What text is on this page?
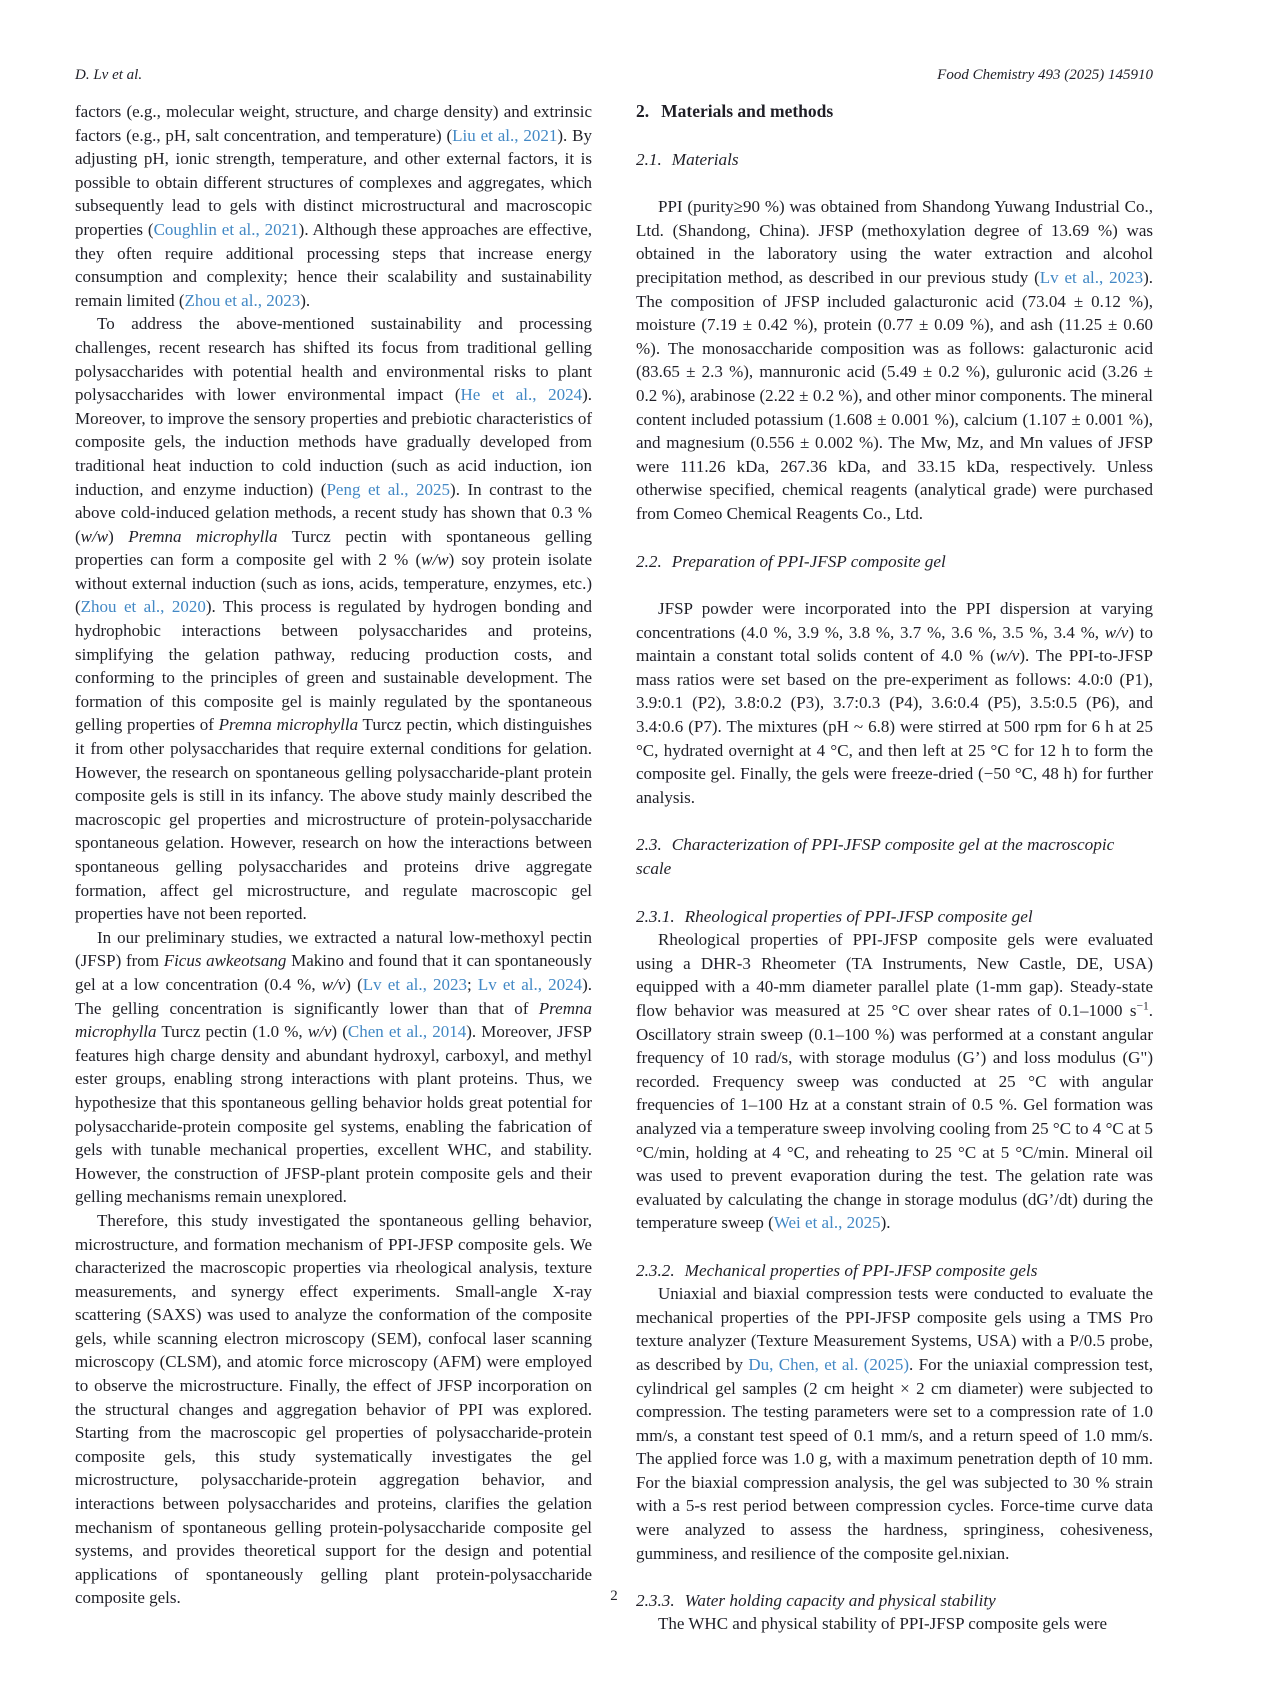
D. Lv et al.	Food Chemistry 493 (2025) 145910

factors (e.g., molecular weight, structure, and charge density) and extrinsic factors (e.g., pH, salt concentration, and temperature) (Liu et al., 2021). By adjusting pH, ionic strength, temperature, and other external factors, it is possible to obtain different structures of complexes and aggregates, which subsequently lead to gels with distinct microstructural and macroscopic properties (Coughlin et al., 2021). Although these approaches are effective, they often require additional processing steps that increase energy consumption and complexity; hence their scalability and sustainability remain limited (Zhou et al., 2023).

To address the above-mentioned sustainability and processing challenges, recent research has shifted its focus from traditional gelling polysaccharides with potential health and environmental risks to plant polysaccharides with lower environmental impact (He et al., 2024). Moreover, to improve the sensory properties and prebiotic characteristics of composite gels, the induction methods have gradually developed from traditional heat induction to cold induction (such as acid induction, ion induction, and enzyme induction) (Peng et al., 2025). In contrast to the above cold-induced gelation methods, a recent study has shown that 0.3 % (w/w) Premna microphylla Turcz pectin with spontaneous gelling properties can form a composite gel with 2 % (w/w) soy protein isolate without external induction (such as ions, acids, temperature, enzymes, etc.) (Zhou et al., 2020). This process is regulated by hydrogen bonding and hydrophobic interactions between polysaccharides and proteins, simplifying the gelation pathway, reducing production costs, and conforming to the principles of green and sustainable development. The formation of this composite gel is mainly regulated by the spontaneous gelling properties of Premna microphylla Turcz pectin, which distinguishes it from other polysaccharides that require external conditions for gelation. However, the research on spontaneous gelling polysaccharide-plant protein composite gels is still in its infancy. The above study mainly described the macroscopic gel properties and microstructure of protein-polysaccharide spontaneous gelation. However, research on how the interactions between spontaneous gelling polysaccharides and proteins drive aggregate formation, affect gel microstructure, and regulate macroscopic gel properties have not been reported.

In our preliminary studies, we extracted a natural low-methoxyl pectin (JFSP) from Ficus awkeotsang Makino and found that it can spontaneously gel at a low concentration (0.4 %, w/v) (Lv et al., 2023; Lv et al., 2024). The gelling concentration is significantly lower than that of Premna microphylla Turcz pectin (1.0 %, w/v) (Chen et al., 2014). Moreover, JFSP features high charge density and abundant hydroxyl, carboxyl, and methyl ester groups, enabling strong interactions with plant proteins. Thus, we hypothesize that this spontaneous gelling behavior holds great potential for polysaccharide-protein composite gel systems, enabling the fabrication of gels with tunable mechanical properties, excellent WHC, and stability. However, the construction of JFSP-plant protein composite gels and their gelling mechanisms remain unexplored.

Therefore, this study investigated the spontaneous gelling behavior, microstructure, and formation mechanism of PPI-JFSP composite gels. We characterized the macroscopic properties via rheological analysis, texture measurements, and synergy effect experiments. Small-angle X-ray scattering (SAXS) was used to analyze the conformation of the composite gels, while scanning electron microscopy (SEM), confocal laser scanning microscopy (CLSM), and atomic force microscopy (AFM) were employed to observe the microstructure. Finally, the effect of JFSP incorporation on the structural changes and aggregation behavior of PPI was explored. Starting from the macroscopic gel properties of polysaccharide-protein composite gels, this study systematically investigates the gel microstructure, polysaccharide-protein aggregation behavior, and interactions between polysaccharides and proteins, clarifies the gelation mechanism of spontaneous gelling protein-polysaccharide composite gel systems, and provides theoretical support for the design and potential applications of spontaneously gelling plant protein-polysaccharide composite gels.

2. Materials and methods
2.1. Materials

PPI (purity≥90 %) was obtained from Shandong Yuwang Industrial Co., Ltd. (Shandong, China). JFSP (methoxylation degree of 13.69 %) was obtained in the laboratory using the water extraction and alcohol precipitation method, as described in our previous study (Lv et al., 2023). The composition of JFSP included galacturonic acid (73.04 ± 0.12 %), moisture (7.19 ± 0.42 %), protein (0.77 ± 0.09 %), and ash (11.25 ± 0.60 %). The monosaccharide composition was as follows: galacturonic acid (83.65 ± 2.3 %), mannuronic acid (5.49 ± 0.2 %), guluronic acid (3.26 ± 0.2 %), arabinose (2.22 ± 0.2 %), and other minor components. The mineral content included potassium (1.608 ± 0.001 %), calcium (1.107 ± 0.001 %), and magnesium (0.556 ± 0.002 %). The Mw, Mz, and Mn values of JFSP were 111.26 kDa, 267.36 kDa, and 33.15 kDa, respectively. Unless otherwise specified, chemical reagents (analytical grade) were purchased from Comeo Chemical Reagents Co., Ltd.

2.2. Preparation of PPI-JFSP composite gel

JFSP powder were incorporated into the PPI dispersion at varying concentrations (4.0 %, 3.9 %, 3.8 %, 3.7 %, 3.6 %, 3.5 %, 3.4 %, w/v) to maintain a constant total solids content of 4.0 % (w/v). The PPI-to-JFSP mass ratios were set based on the pre-experiment as follows: 4.0:0 (P1), 3.9:0.1 (P2), 3.8:0.2 (P3), 3.7:0.3 (P4), 3.6:0.4 (P5), 3.5:0.5 (P6), and 3.4:0.6 (P7). The mixtures (pH ~ 6.8) were stirred at 500 rpm for 6 h at 25 °C, hydrated overnight at 4 °C, and then left at 25 °C for 12 h to form the composite gel. Finally, the gels were freeze-dried (−50 °C, 48 h) for further analysis.

2.3. Characterization of PPI-JFSP composite gel at the macroscopic scale
2.3.1. Rheological properties of PPI-JFSP composite gel

Rheological properties of PPI-JFSP composite gels were evaluated using a DHR-3 Rheometer (TA Instruments, New Castle, DE, USA) equipped with a 40-mm diameter parallel plate (1-mm gap). Steady-state flow behavior was measured at 25 °C over shear rates of 0.1–1000 $s^{-1}$. Oscillatory strain sweep (0.1–100 %) was performed at a constant angular frequency of 10 rad/s, with storage modulus (G’) and loss modulus (G") recorded. Frequency sweep was conducted at 25 °C with angular frequencies of 1–100 Hz at a constant strain of 0.5 %. Gel formation was analyzed via a temperature sweep involving cooling from 25 °C to 4 °C at 5 °C/min, holding at 4 °C, and reheating to 25 °C at 5 °C/min. Mineral oil was used to prevent evaporation during the test. The gelation rate was evaluated by calculating the change in storage modulus (dG’/dt) during the temperature sweep (Wei et al., 2025).

2.3.2. Mechanical properties of PPI-JFSP composite gels

Uniaxial and biaxial compression tests were conducted to evaluate the mechanical properties of the PPI-JFSP composite gels using a TMS Pro texture analyzer (Texture Measurement Systems, USA) with a P/0.5 probe, as described by Du, Chen, et al. (2025). For the uniaxial compression test, cylindrical gel samples (2 cm height × 2 cm diameter) were subjected to compression. The testing parameters were set to a compression rate of 1.0 mm/s, a constant test speed of 0.1 mm/s, and a return speed of 1.0 mm/s. The applied force was 1.0 g, with a maximum penetration depth of 10 mm. For the biaxial compression analysis, the gel was subjected to 30 % strain with a 5-s rest period between compression cycles. Force-time curve data were analyzed to assess the hardness, springiness, cohesiveness, gumminess, and resilience of the composite gel.nixian.

2.3.3. Water holding capacity and physical stability

The WHC and physical stability of PPI-JFSP composite gels were

2
